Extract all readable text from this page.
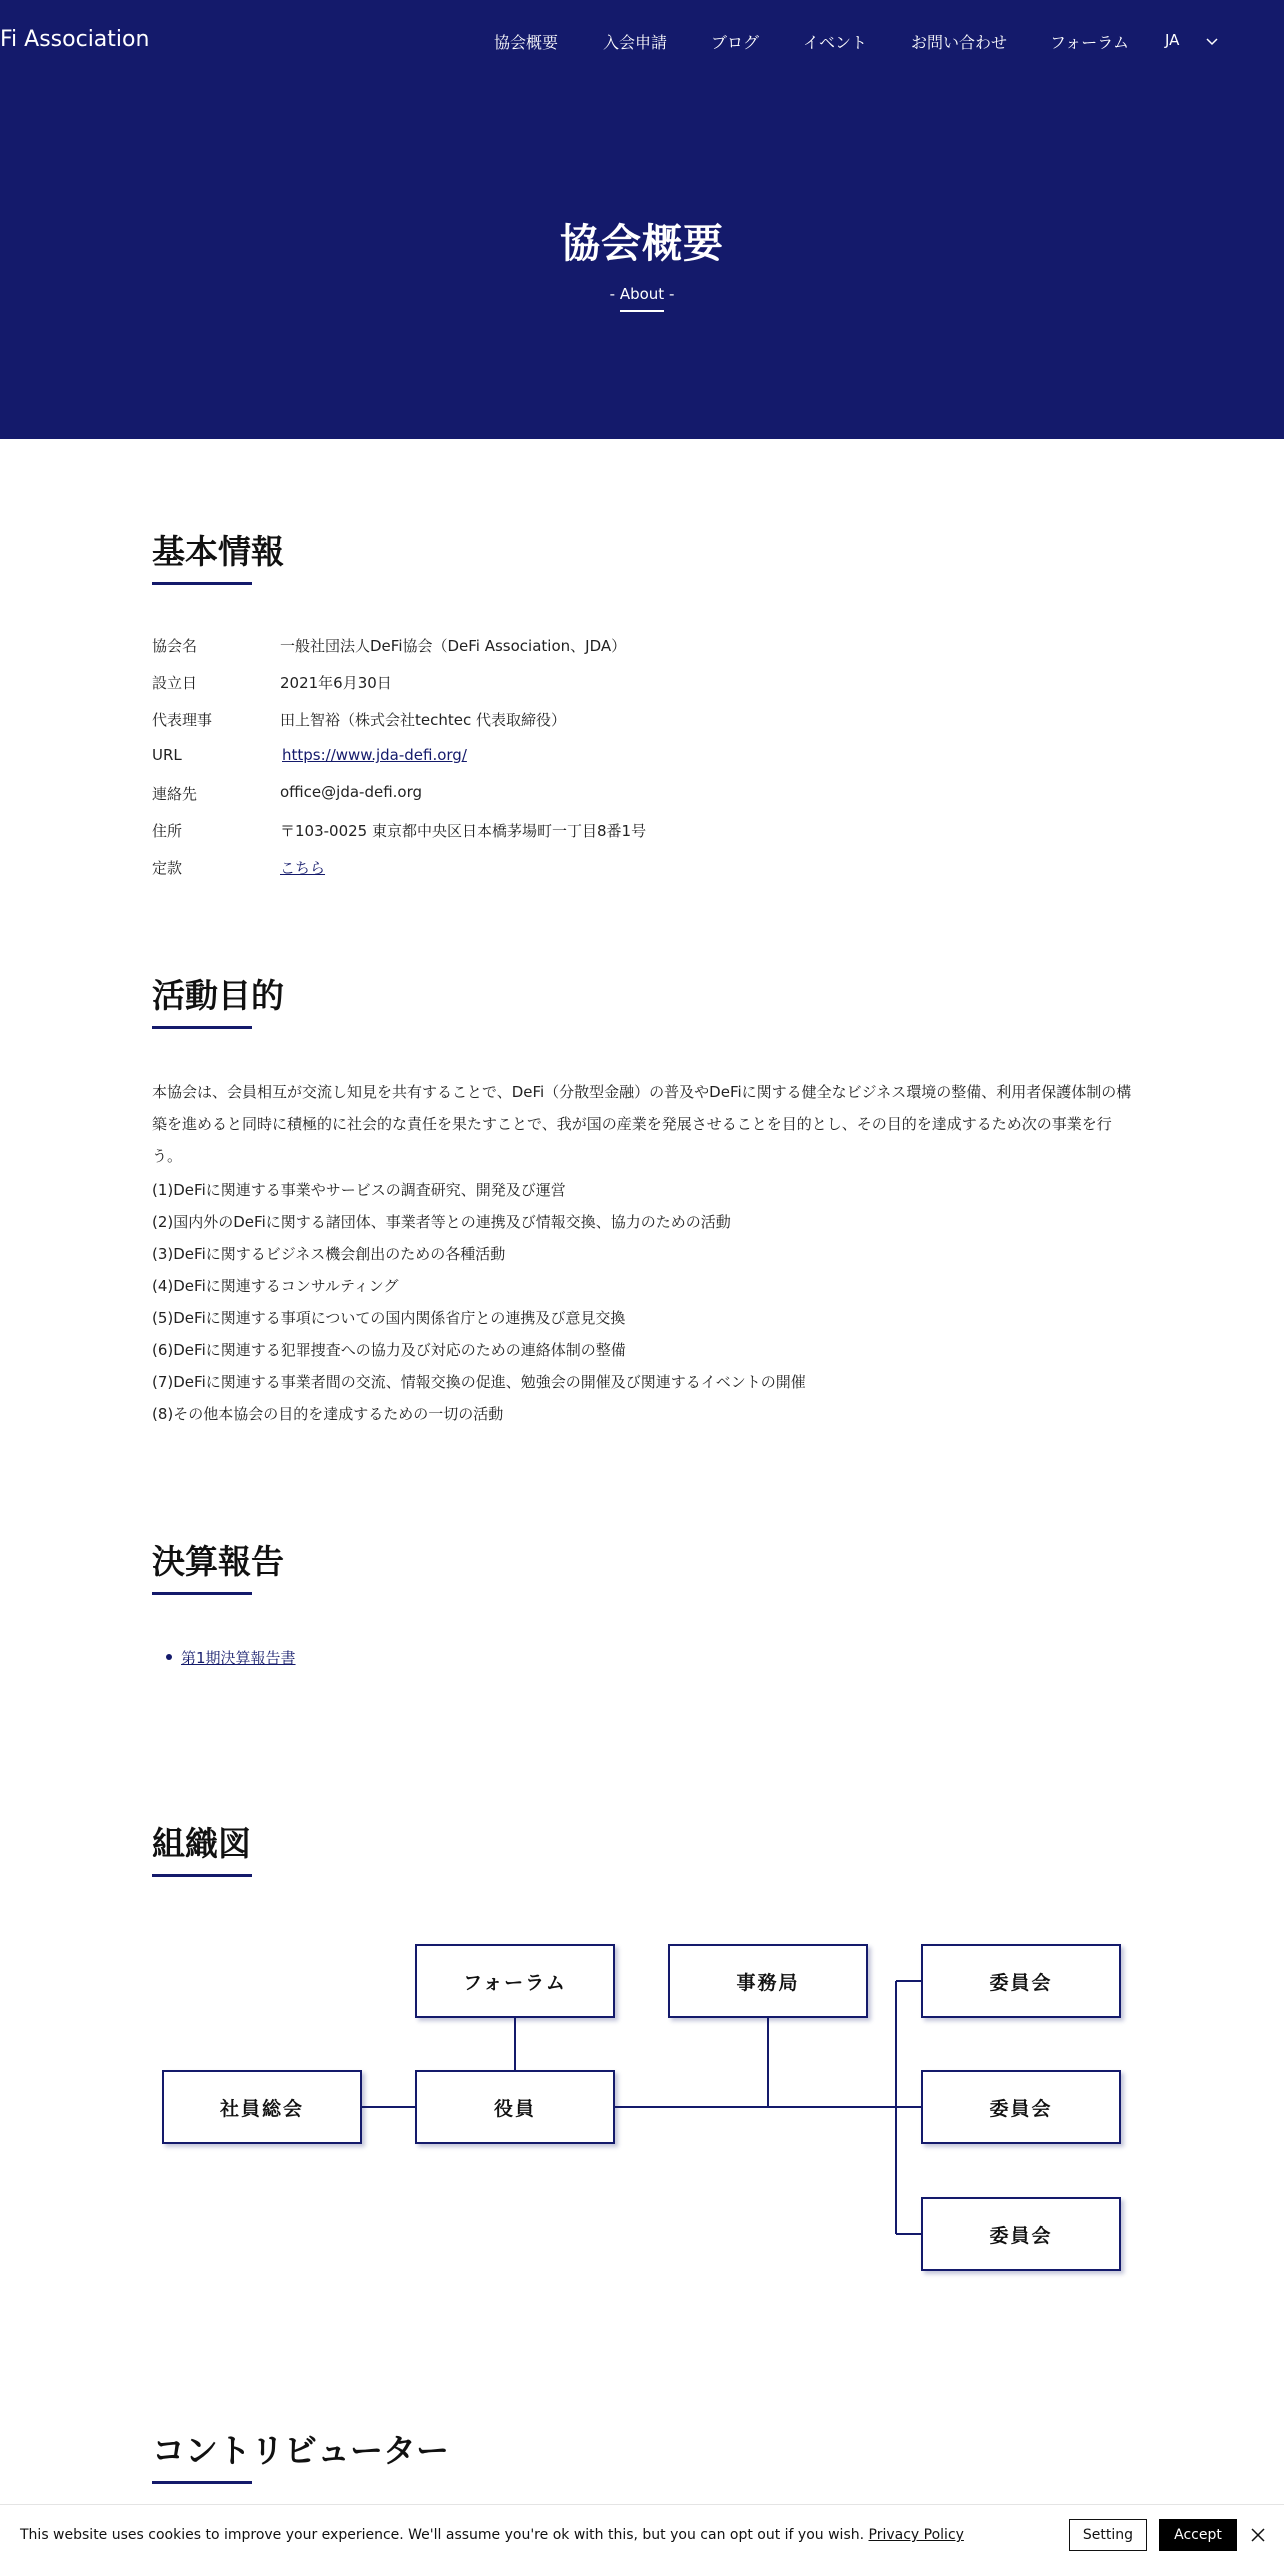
Fi Association	協会概要	入会申請	ブログ	イベント	お問い合わせ	フォーラム JA
協会概要
- About -
基本情報
協会名	一般社団法人DeFi協会（DeFi Association、JDA）
設立日	2021年6月30日
代表理事	田上智裕（株式会社techtec 代表取締役）
URL	https://www.jda-defi.org/
連絡先	office@jda-defi.org
住所	〒103-0025 東京都中央区日本橋茅場町一丁目8番1号
定款	こちら
活動目的
本協会は、会員相互が交流し知見を共有することで、DeFi（分散型金融）の普及やDeFiに関する健全なビジネス環境の整備、利用者保護体制の構築を進めると同時に積極的に社会的な責任を果たすことで、我が国の産業を発展させることを目的とし、その目的を達成するため次の事業を行う。
(1)DeFiに関連する事業やサービスの調査研究、開発及び運営
(2)国内外のDeFiに関する諸団体、事業者等との連携及び情報交換、協力のための活動
(3)DeFiに関するビジネス機会創出のための各種活動
(4)DeFiに関連するコンサルティング
(5)DeFiに関連する事項についての国内関係省庁との連携及び意見交換
(6)DeFiに関連する犯罪捜査への協力及び対応のための連絡体制の整備
(7)DeFiに関連する事業者間の交流、情報交換の促進、勉強会の開催及び関連するイベントの開催
(8)その他本協会の目的を達成するための一切の活動
決算報告
第1期決算報告書
組織図
社員総会
フォーラム
役員
事務局	委員会
委員会
委員会
コントリビューター
This website uses cookies to improve your experience. We'll assume you're ok with this, but you can opt out if you wish. Privacy Policy	Setting	Accept
